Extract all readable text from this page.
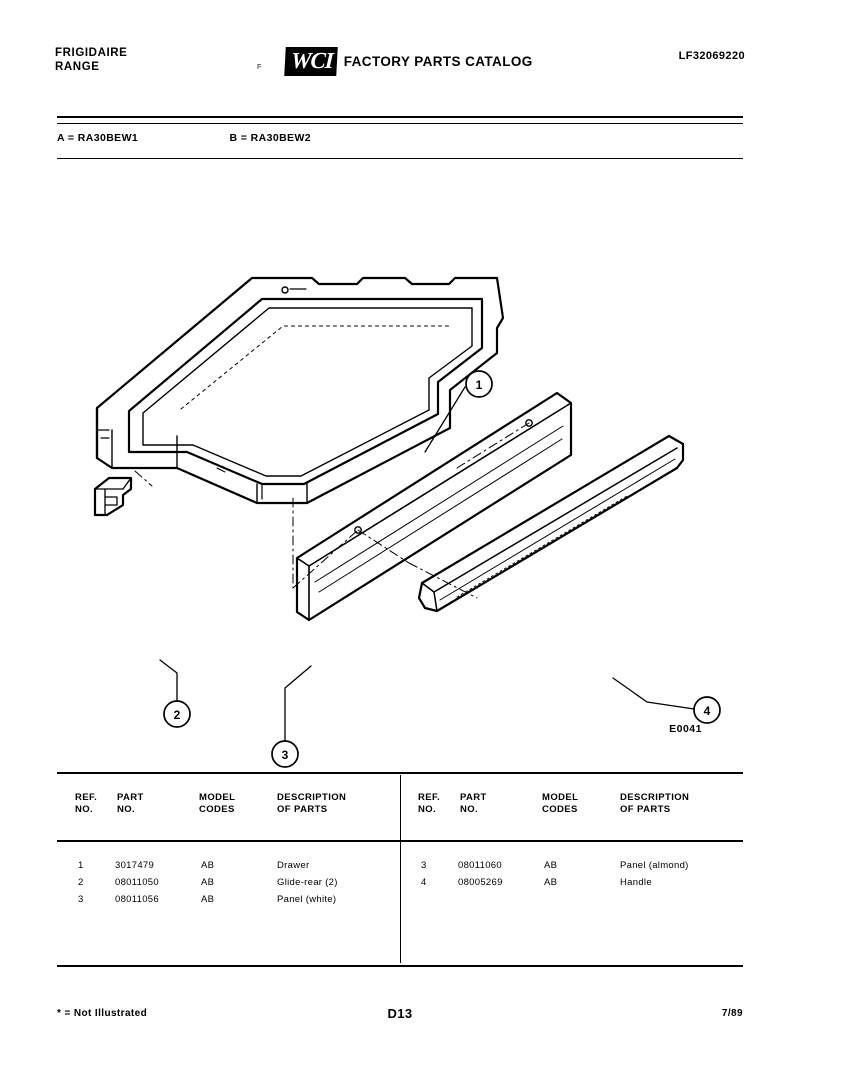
FRIGIDAIRE
RANGE	WCI FACTORY PARTS CATALOG
F
LF32069220
A = RA30BEW1	B = RA30BEW2
1
2
3
4
E0041
REF.
NO.
PART
NO.
MODEL
CODES
DESCRIPTION
OF PARTS
1	3017479	AB	Drawer
2	08011050	AB	Glide-rear (2)
3	08011056	AB	Panel (white)
REF.
NO.
PART
NO.
MODEL
CODES
DESCRIPTION
OF PARTS
3	08011060	AB	Panel (almond)
4	08005269	AB	Handle
* = Not Illustrated	D13	7/89
